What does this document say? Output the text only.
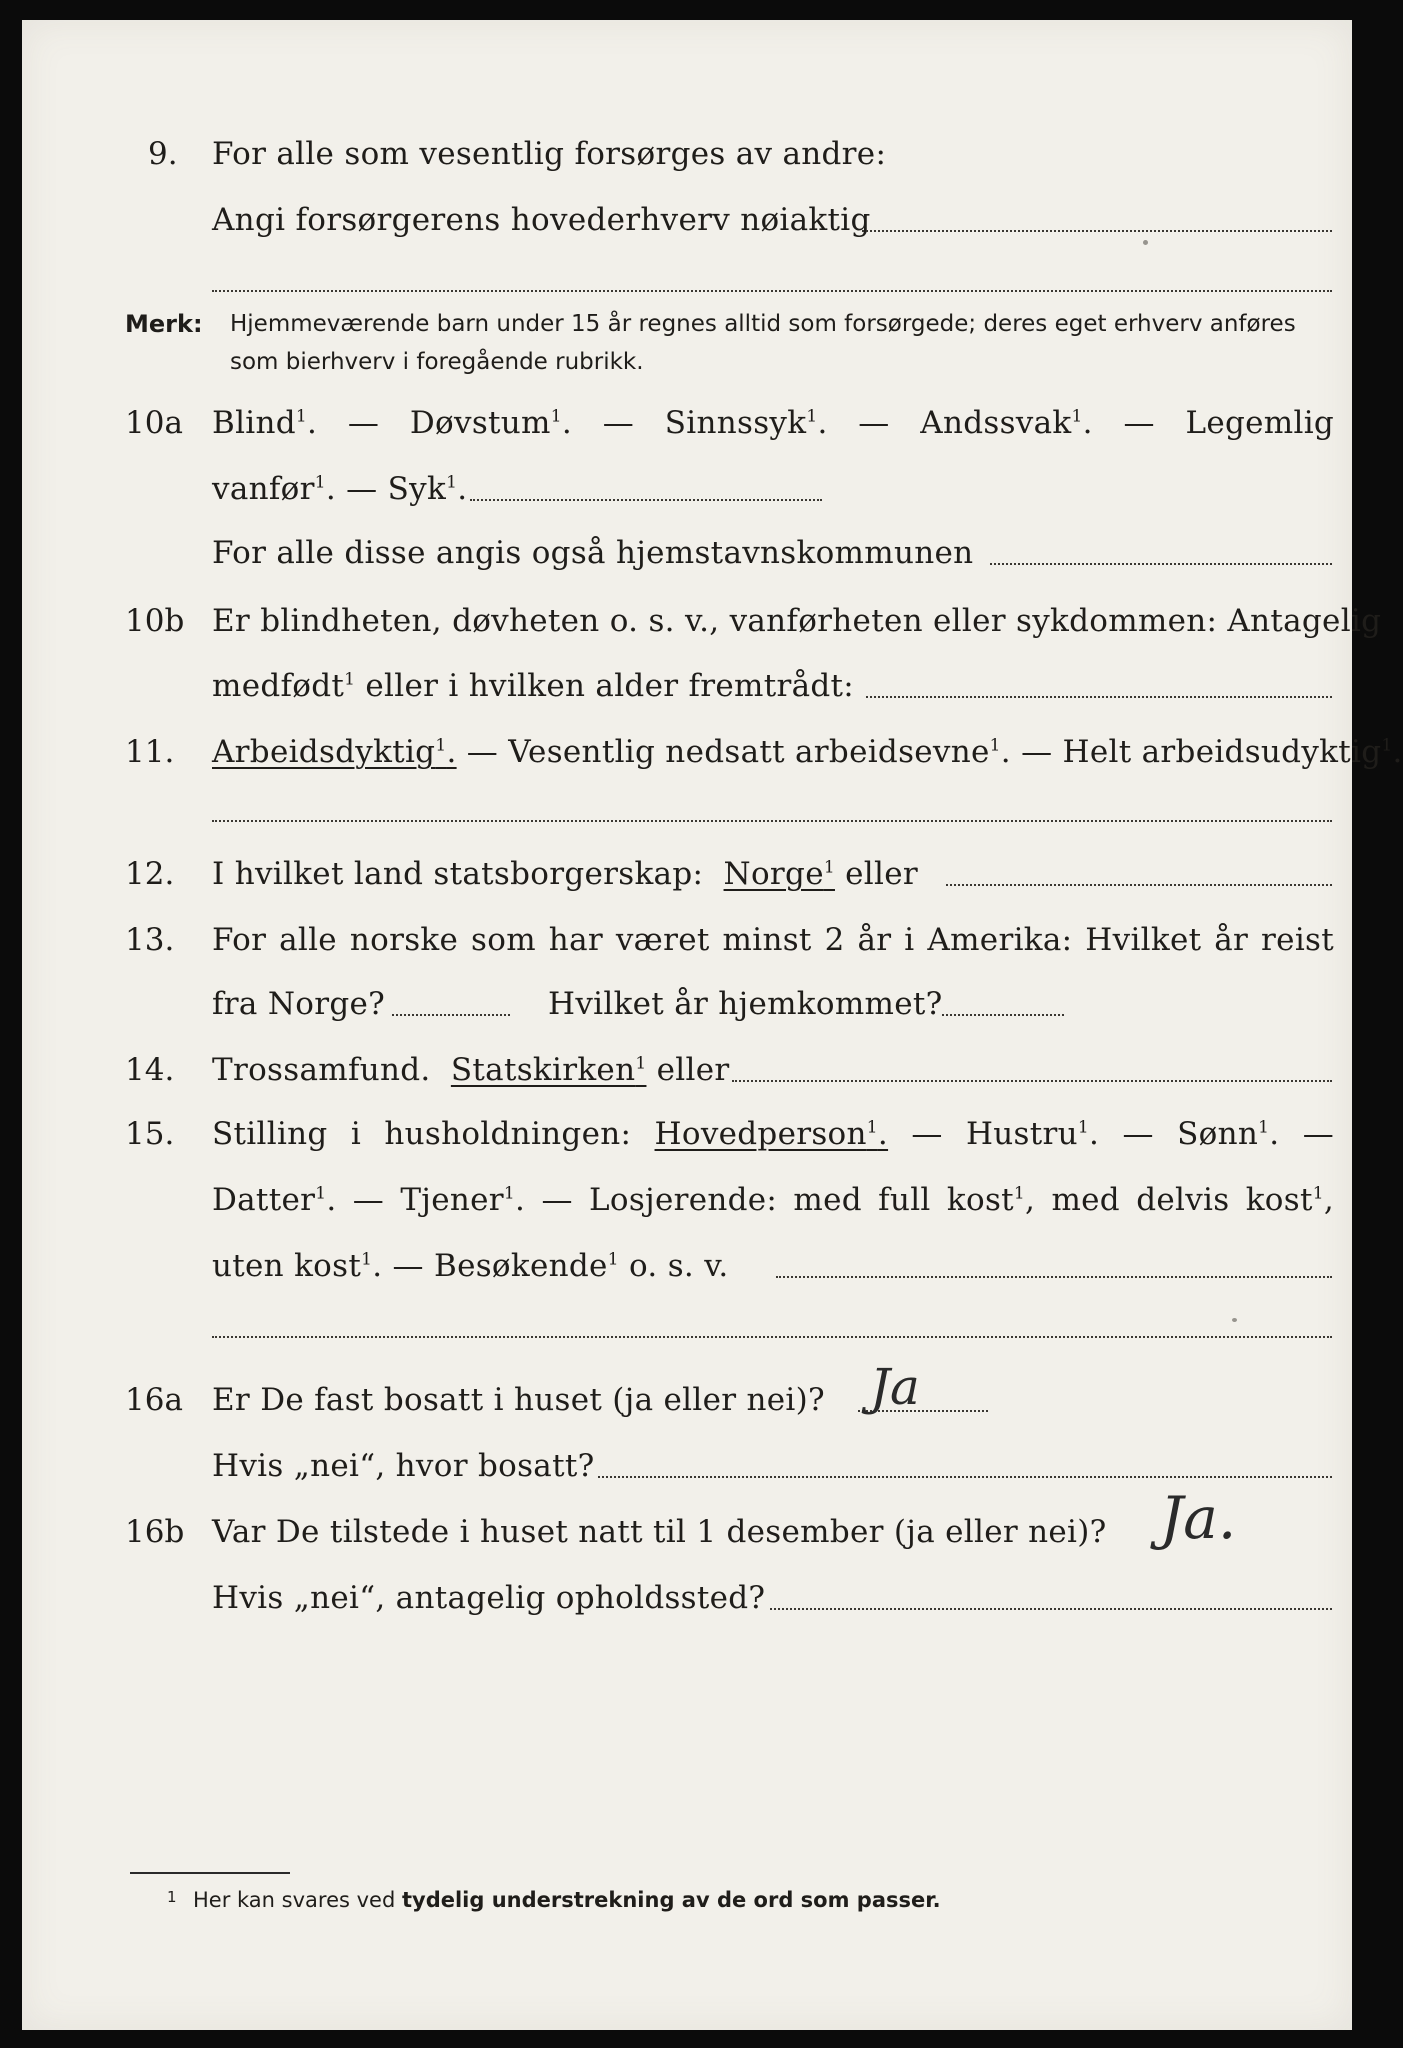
9. For alle som vesentlig forsørges av andre:
Angi forsørgerens hovederhverv nøiaktig
Merk: Hjemmeværende barn under 15 år regnes alltid som forsørgede; deres eget erhverv anføres som bierhverv i foregående rubrikk.
10a Blind$^1$. — Døvstum$^1$. — Sinnssyk$^1$. — Andssvak$^1$. — Legemlig
vanfør$^1$. — Syk$^1$.
For alle disse angis også hjemstavnskommunen
10b Er blindheten, døvheten o. s. v., vanførheten eller sykdommen: Antagelig
medfødt$^1$ eller i hvilken alder fremtrådt:
11. Arbeidsdyktig$^1$. — Vesentlig nedsatt arbeidsevne$^1$. — Helt arbeidsudyktig$^1$.
12. I hvilket land statsborgerskap: Norge$^1$ eller
13. For alle norske som har været minst 2 år i Amerika: Hvilket år reist
fra Norge?	Hvilket år hjemkommet?
14. Trossamfund. Statskirken$^1$ eller
15. Stilling i husholdningen: Hovedperson$^1$. — Hustru$^1$. — Sønn$^1$. —
Datter$^1$. — Tjener$^1$. — Losjerende: med full kost$^1$, med delvis kost$^1$,
uten kost$^1$. — Besøkende$^1$ o. s. v.
16a Er De fast bosatt i huset (ja eller nei)? Ja
Hvis „nei“, hvor bosatt?
16b Var De tilstede i huset natt til 1 desember (ja eller nei)? Ja.
Hvis „nei“, antagelig opholdssted?
1 Her kan svares ved tydelig understrekning av de ord som passer.
